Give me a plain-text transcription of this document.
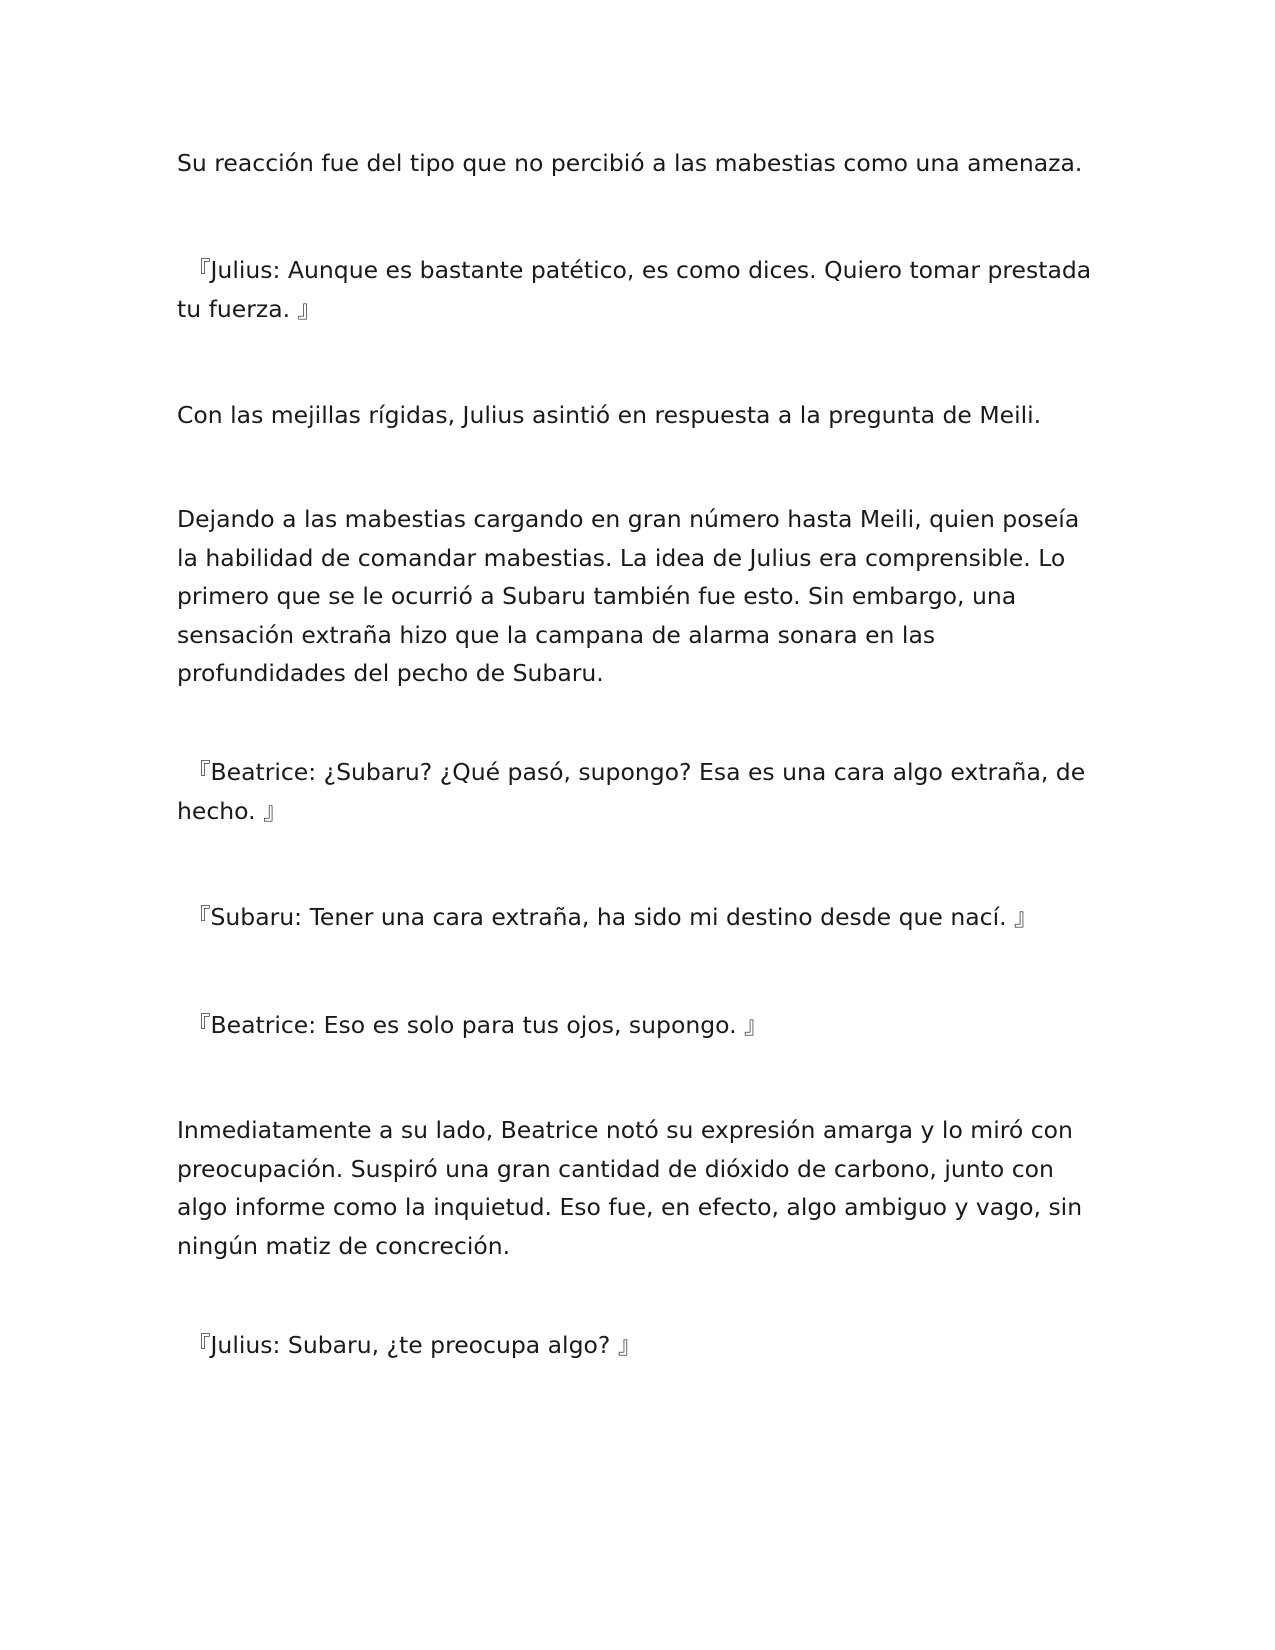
Su reacción fue del tipo que no percibió a las mabestias como una amenaza.

『Julius: Aunque es bastante patético, es como dices. Quiero tomar prestada tu fuerza. 』

Con las mejillas rígidas, Julius asintió en respuesta a la pregunta de Meili.

Dejando a las mabestias cargando en gran número hasta Meili, quien poseía la habilidad de comandar mabestias. La idea de Julius era comprensible. Lo primero que se le ocurrió a Subaru también fue esto. Sin embargo, una sensación extraña hizo que la campana de alarma sonara en las profundidades del pecho de Subaru.

『Beatrice: ¿Subaru? ¿Qué pasó, supongo? Esa es una cara algo extraña, de hecho. 』

『Subaru: Tener una cara extraña, ha sido mi destino desde que nací. 』

『Beatrice: Eso es solo para tus ojos, supongo. 』

Inmediatamente a su lado, Beatrice notó su expresión amarga y lo miró con preocupación. Suspiró una gran cantidad de dióxido de carbono, junto con algo informe como la inquietud. Eso fue, en efecto, algo ambiguo y vago, sin ningún matiz de concreción.

『Julius: Subaru, ¿te preocupa algo? 』
